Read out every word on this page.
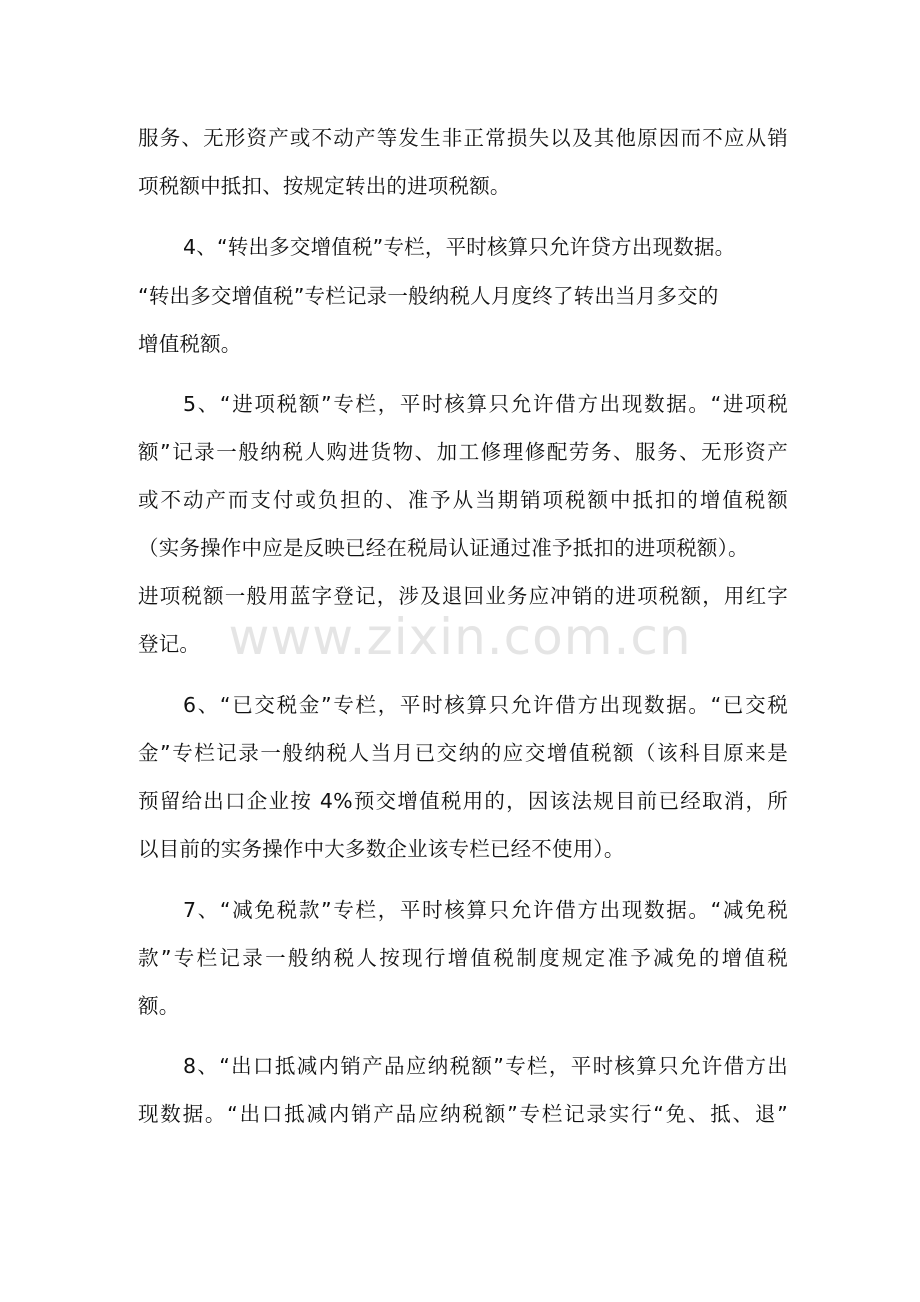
服务、无形资产或不动产等发生非正常损失以及其他原因而不应从销
项税额中抵扣、按规定转出的进项税额。
4、“转出多交增值税”专栏，平时核算只允许贷方出现数据。
“转出多交增值税”专栏记录一般纳税人月度终了转出当月多交的
增值税额。
5、“进项税额”专栏，平时核算只允许借方出现数据。“进项税
额”记录一般纳税人购进货物、加工修理修配劳务、服务、无形资产
或不动产而支付或负担的、准予从当期销项税额中抵扣的增值税额
（实务操作中应是反映已经在税局认证通过准予抵扣的进项税额）。
进项税额一般用蓝字登记，涉及退回业务应冲销的进项税额，用红字
登记。
6、“已交税金”专栏，平时核算只允许借方出现数据。“已交税
金”专栏记录一般纳税人当月已交纳的应交增值税额（该科目原来是
预留给出口企业按 4%预交增值税用的，因该法规目前已经取消，所
以目前的实务操作中大多数企业该专栏已经不使用）。
7、“减免税款”专栏，平时核算只允许借方出现数据。“减免税
款”专栏记录一般纳税人按现行增值税制度规定准予减免的增值税
额。
8、“出口抵减内销产品应纳税额”专栏，平时核算只允许借方出
现数据。“出口抵减内销产品应纳税额”专栏记录实行“免、抵、退”
www.zixin.com.cn
